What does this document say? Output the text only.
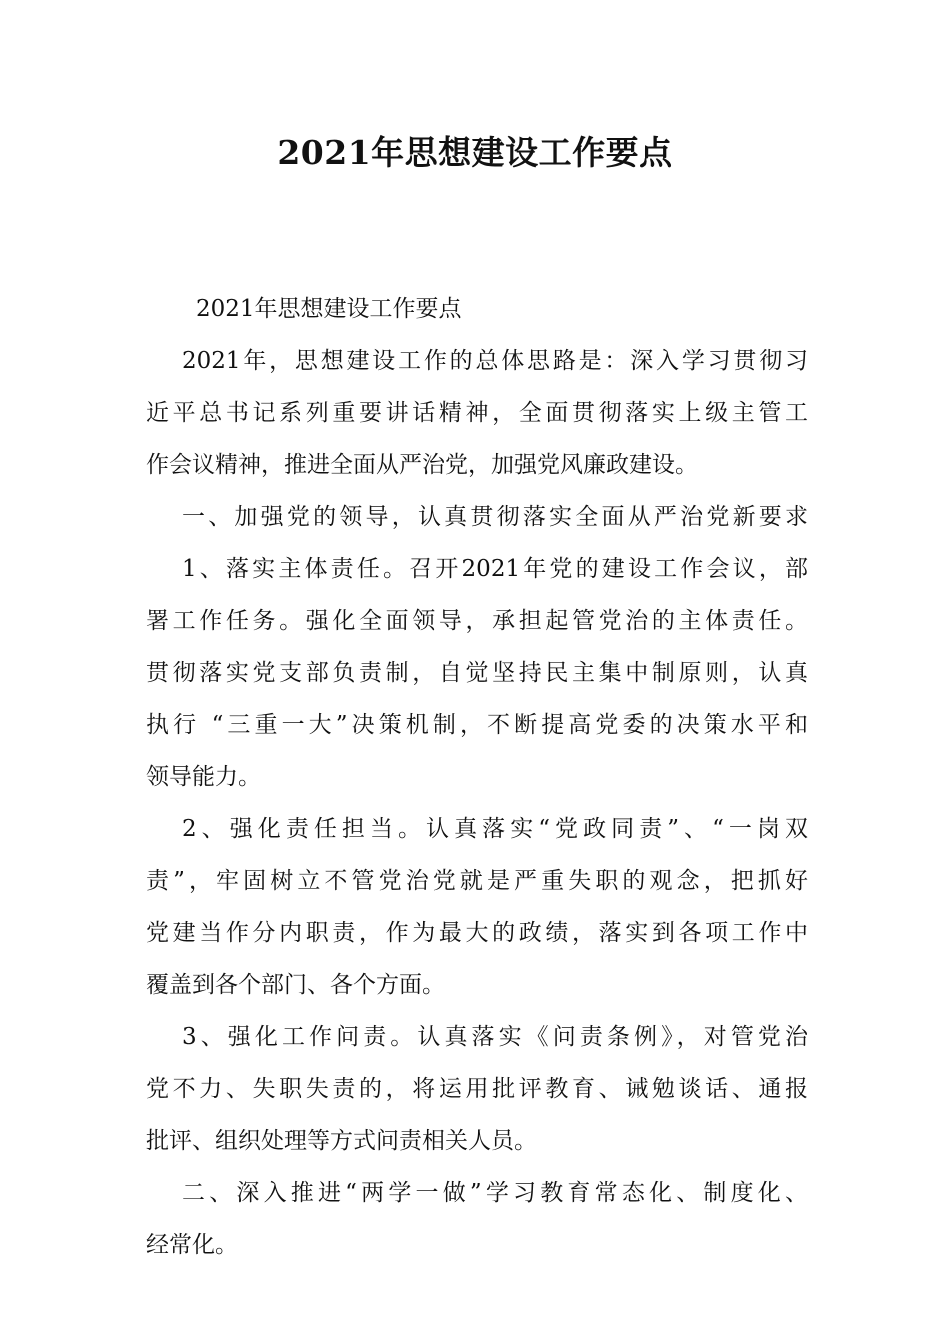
2021年思想建设工作要点

2021年思想建设工作要点

2021年，思想建设工作的总体思路是：深入学习贯彻习

近平总书记系列重要讲话精神，全面贯彻落实上级主管工

作会议精神，推进全面从严治党，加强党风廉政建设。

一、加强党的领导，认真贯彻落实全面从严治党新要求

1、落实主体责任。召开2021年党的建设工作会议，部

署工作任务。强化全面领导，承担起管党治的主体责任。

贯彻落实党支部负责制，自觉坚持民主集中制原则，认真

执行 “三重一大”决策机制，不断提高党委的决策水平和

领导能力。

2、强化责任担当。认真落实“党政同责”、“一岗双

责”，牢固树立不管党治党就是严重失职的观念，把抓好

党建当作分内职责，作为最大的政绩，落实到各项工作中

覆盖到各个部门、各个方面。

3、强化工作问责。认真落实《问责条例》，对管党治

党不力、失职失责的，将运用批评教育、诫勉谈话、通报

批评、组织处理等方式问责相关人员。

二、深入推进“两学一做”学习教育常态化、制度化、

经常化。
